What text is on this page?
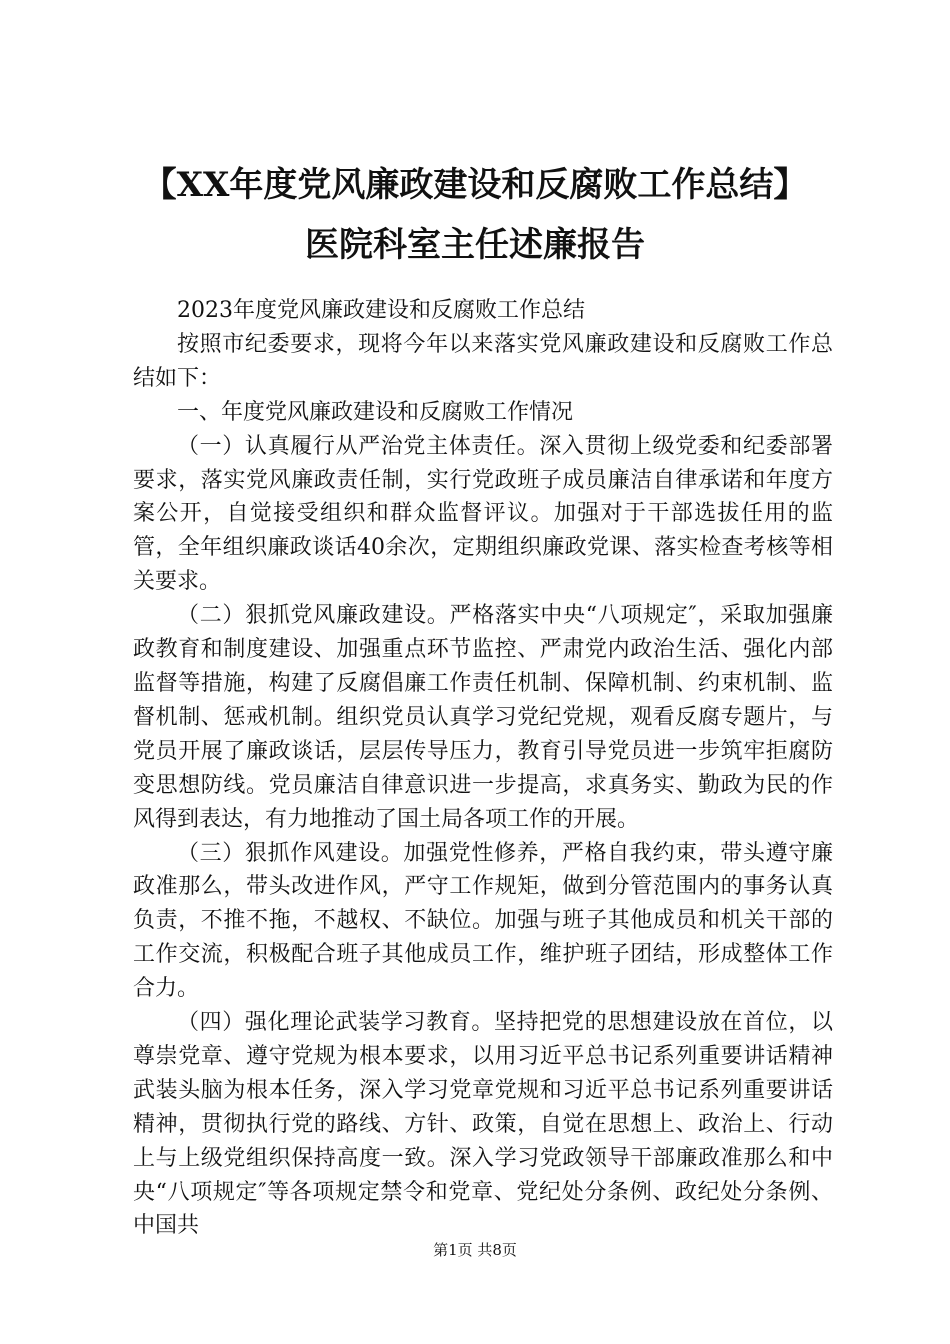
【XX年度党风廉政建设和反腐败工作总结】
医院科室主任述廉报告

2023年度党风廉政建设和反腐败工作总结

按照市纪委要求，现将今年以来落实党风廉政建设和反腐败工作总结如下：

一、年度党风廉政建设和反腐败工作情况

（一）认真履行从严治党主体责任。深入贯彻上级党委和纪委部署要求，落实党风廉政责任制，实行党政班子成员廉洁自律承诺和年度方案公开，自觉接受组织和群众监督评议。加强对于干部选拔任用的监管，全年组织廉政谈话40余次，定期组织廉政党课、落实检查考核等相关要求。

（二）狠抓党风廉政建设。严格落实中央“八项规定″，采取加强廉政教育和制度建设、加强重点环节监控、严肃党内政治生活、强化内部监督等措施，构建了反腐倡廉工作责任机制、保障机制、约束机制、监督机制、惩戒机制。组织党员认真学习党纪党规，观看反腐专题片，与党员开展了廉政谈话，层层传导压力，教育引导党员进一步筑牢拒腐防变思想防线。党员廉洁自律意识进一步提高，求真务实、勤政为民的作风得到表达，有力地推动了国土局各项工作的开展。

（三）狠抓作风建设。加强党性修养，严格自我约束，带头遵守廉政准那么，带头改进作风，严守工作规矩，做到分管范围内的事务认真负责，不推不拖，不越权、不缺位。加强与班子其他成员和机关干部的工作交流，积极配合班子其他成员工作，维护班子团结，形成整体工作合力。

（四）强化理论武装学习教育。坚持把党的思想建设放在首位，以尊崇党章、遵守党规为根本要求，以用习近平总书记系列重要讲话精神武装头脑为根本任务，深入学习党章党规和习近平总书记系列重要讲话精神，贯彻执行党的路线、方针、政策，自觉在思想上、政治上、行动上与上级党组织保持高度一致。深入学习党政领导干部廉政准那么和中央“八项规定″等各项规定禁令和党章、党纪处分条例、政纪处分条例、中国共

第1页 共8页
